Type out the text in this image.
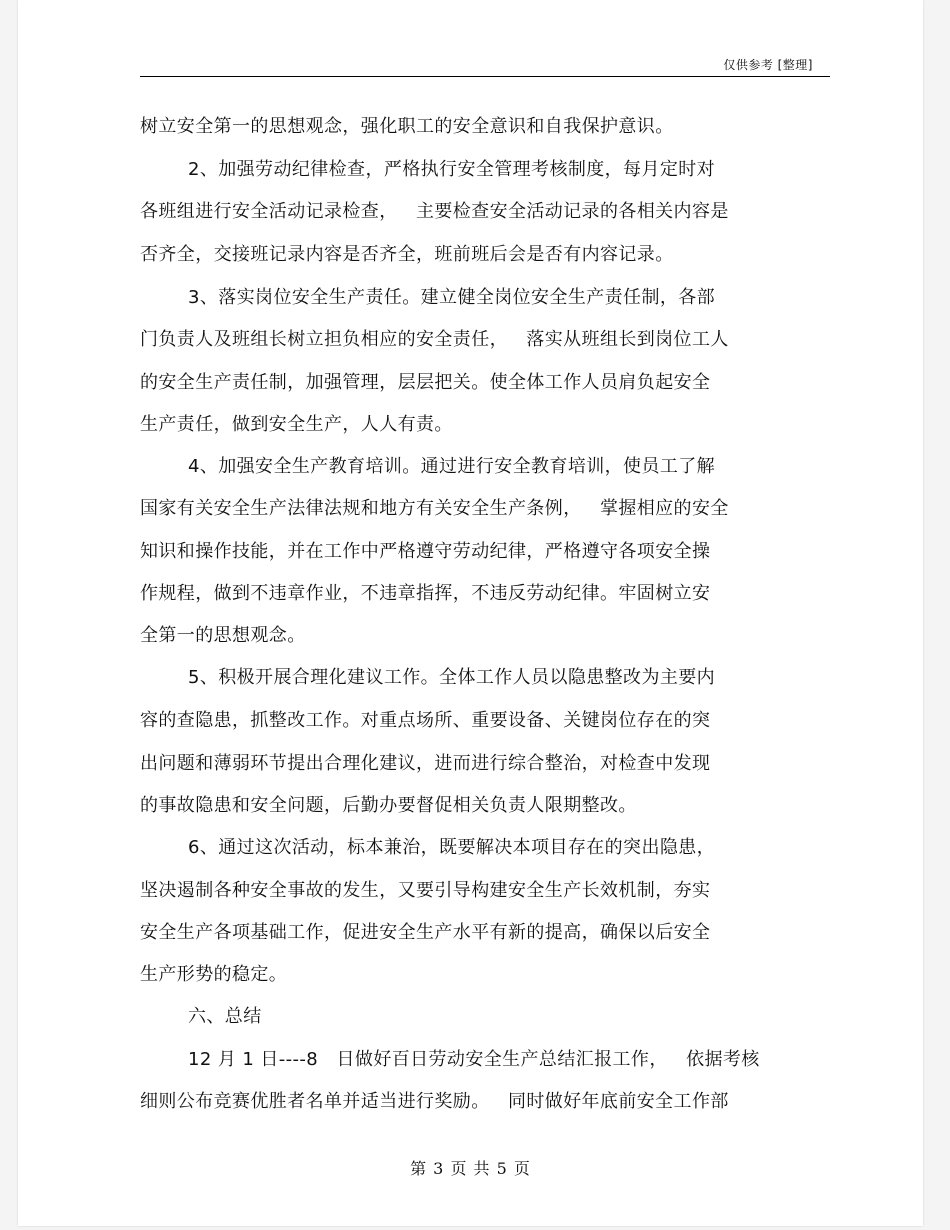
仅供参考 [整理]
树立安全第一的思想观念，强化职工的安全意识和自我保护意识。
2、加强劳动纪律检查，严格执行安全管理考核制度，每月定时对
各班组进行安全活动记录检查，   主要检查安全活动记录的各相关内容是
否齐全，交接班记录内容是否齐全，班前班后会是否有内容记录。
3、落实岗位安全生产责任。建立健全岗位安全生产责任制，各部
门负责人及班组长树立担负相应的安全责任，   落实从班组长到岗位工人
的安全生产责任制，加强管理，层层把关。使全体工作人员肩负起安全
生产责任，做到安全生产，人人有责。
4、加强安全生产教育培训。通过进行安全教育培训，使员工了解
国家有关安全生产法律法规和地方有关安全生产条例，   掌握相应的安全
知识和操作技能，并在工作中严格遵守劳动纪律，严格遵守各项安全操
作规程，做到不违章作业，不违章指挥，不违反劳动纪律。牢固树立安
全第一的思想观念。
5、积极开展合理化建议工作。全体工作人员以隐患整改为主要内
容的查隐患，抓整改工作。对重点场所、重要设备、关键岗位存在的突
出问题和薄弱环节提出合理化建议，进而进行综合整治，对检查中发现
的事故隐患和安全问题，后勤办要督促相关负责人限期整改。
6、通过这次活动，标本兼治，既要解决本项目存在的突出隐患，
坚决遏制各种安全事故的发生，又要引导构建安全生产长效机制，夯实
安全生产各项基础工作，促进安全生产水平有新的提高，确保以后安全
生产形势的稳定。
六、总结
12 月 1 日----8   日做好百日劳动安全生产总结汇报工作，   依据考核
细则公布竞赛优胜者名单并适当进行奖励。   同时做好年底前安全工作部
第 3 页 共 5 页
